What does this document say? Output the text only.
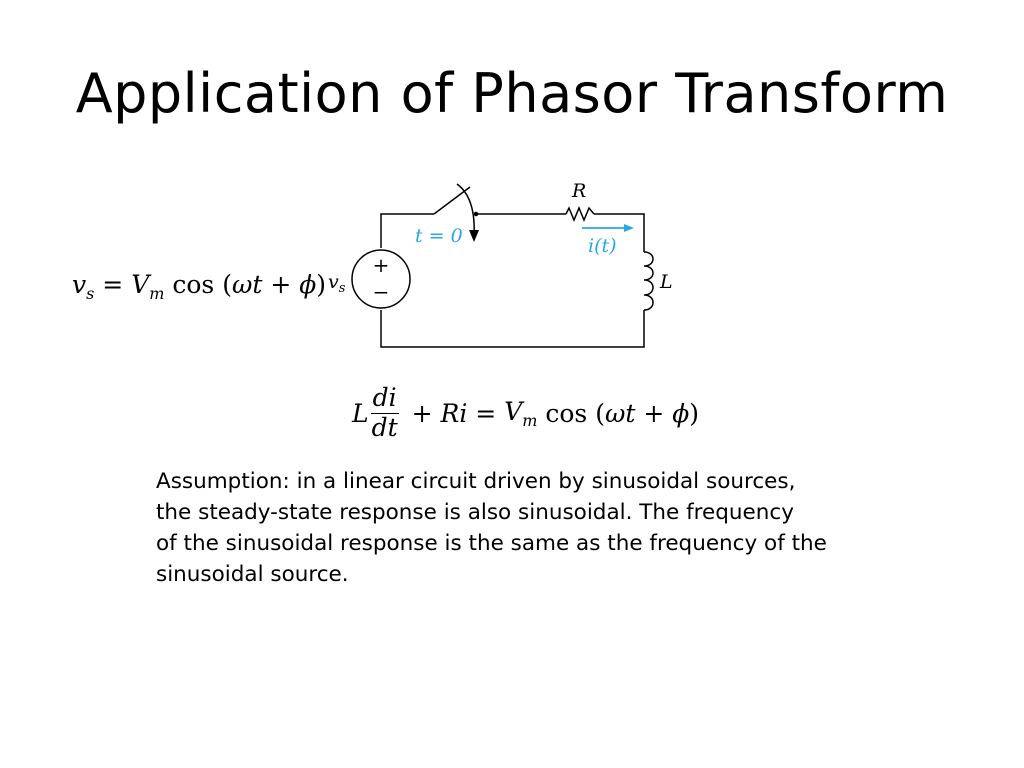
Application of Phasor Transform
$v_s = V_m$ cos (ωt + ϕ)
t = 0
R
i(t)
L
+
−
$v_s$
L $\frac{di}{dt} + Ri = V_m$ cos ( ωt + ϕ )
Assumption: in a linear circuit driven by sinusoidal sources,
the steady-state response is also sinusoidal. The frequency
of the sinusoidal response is the same as the frequency of the
sinusoidal source.
